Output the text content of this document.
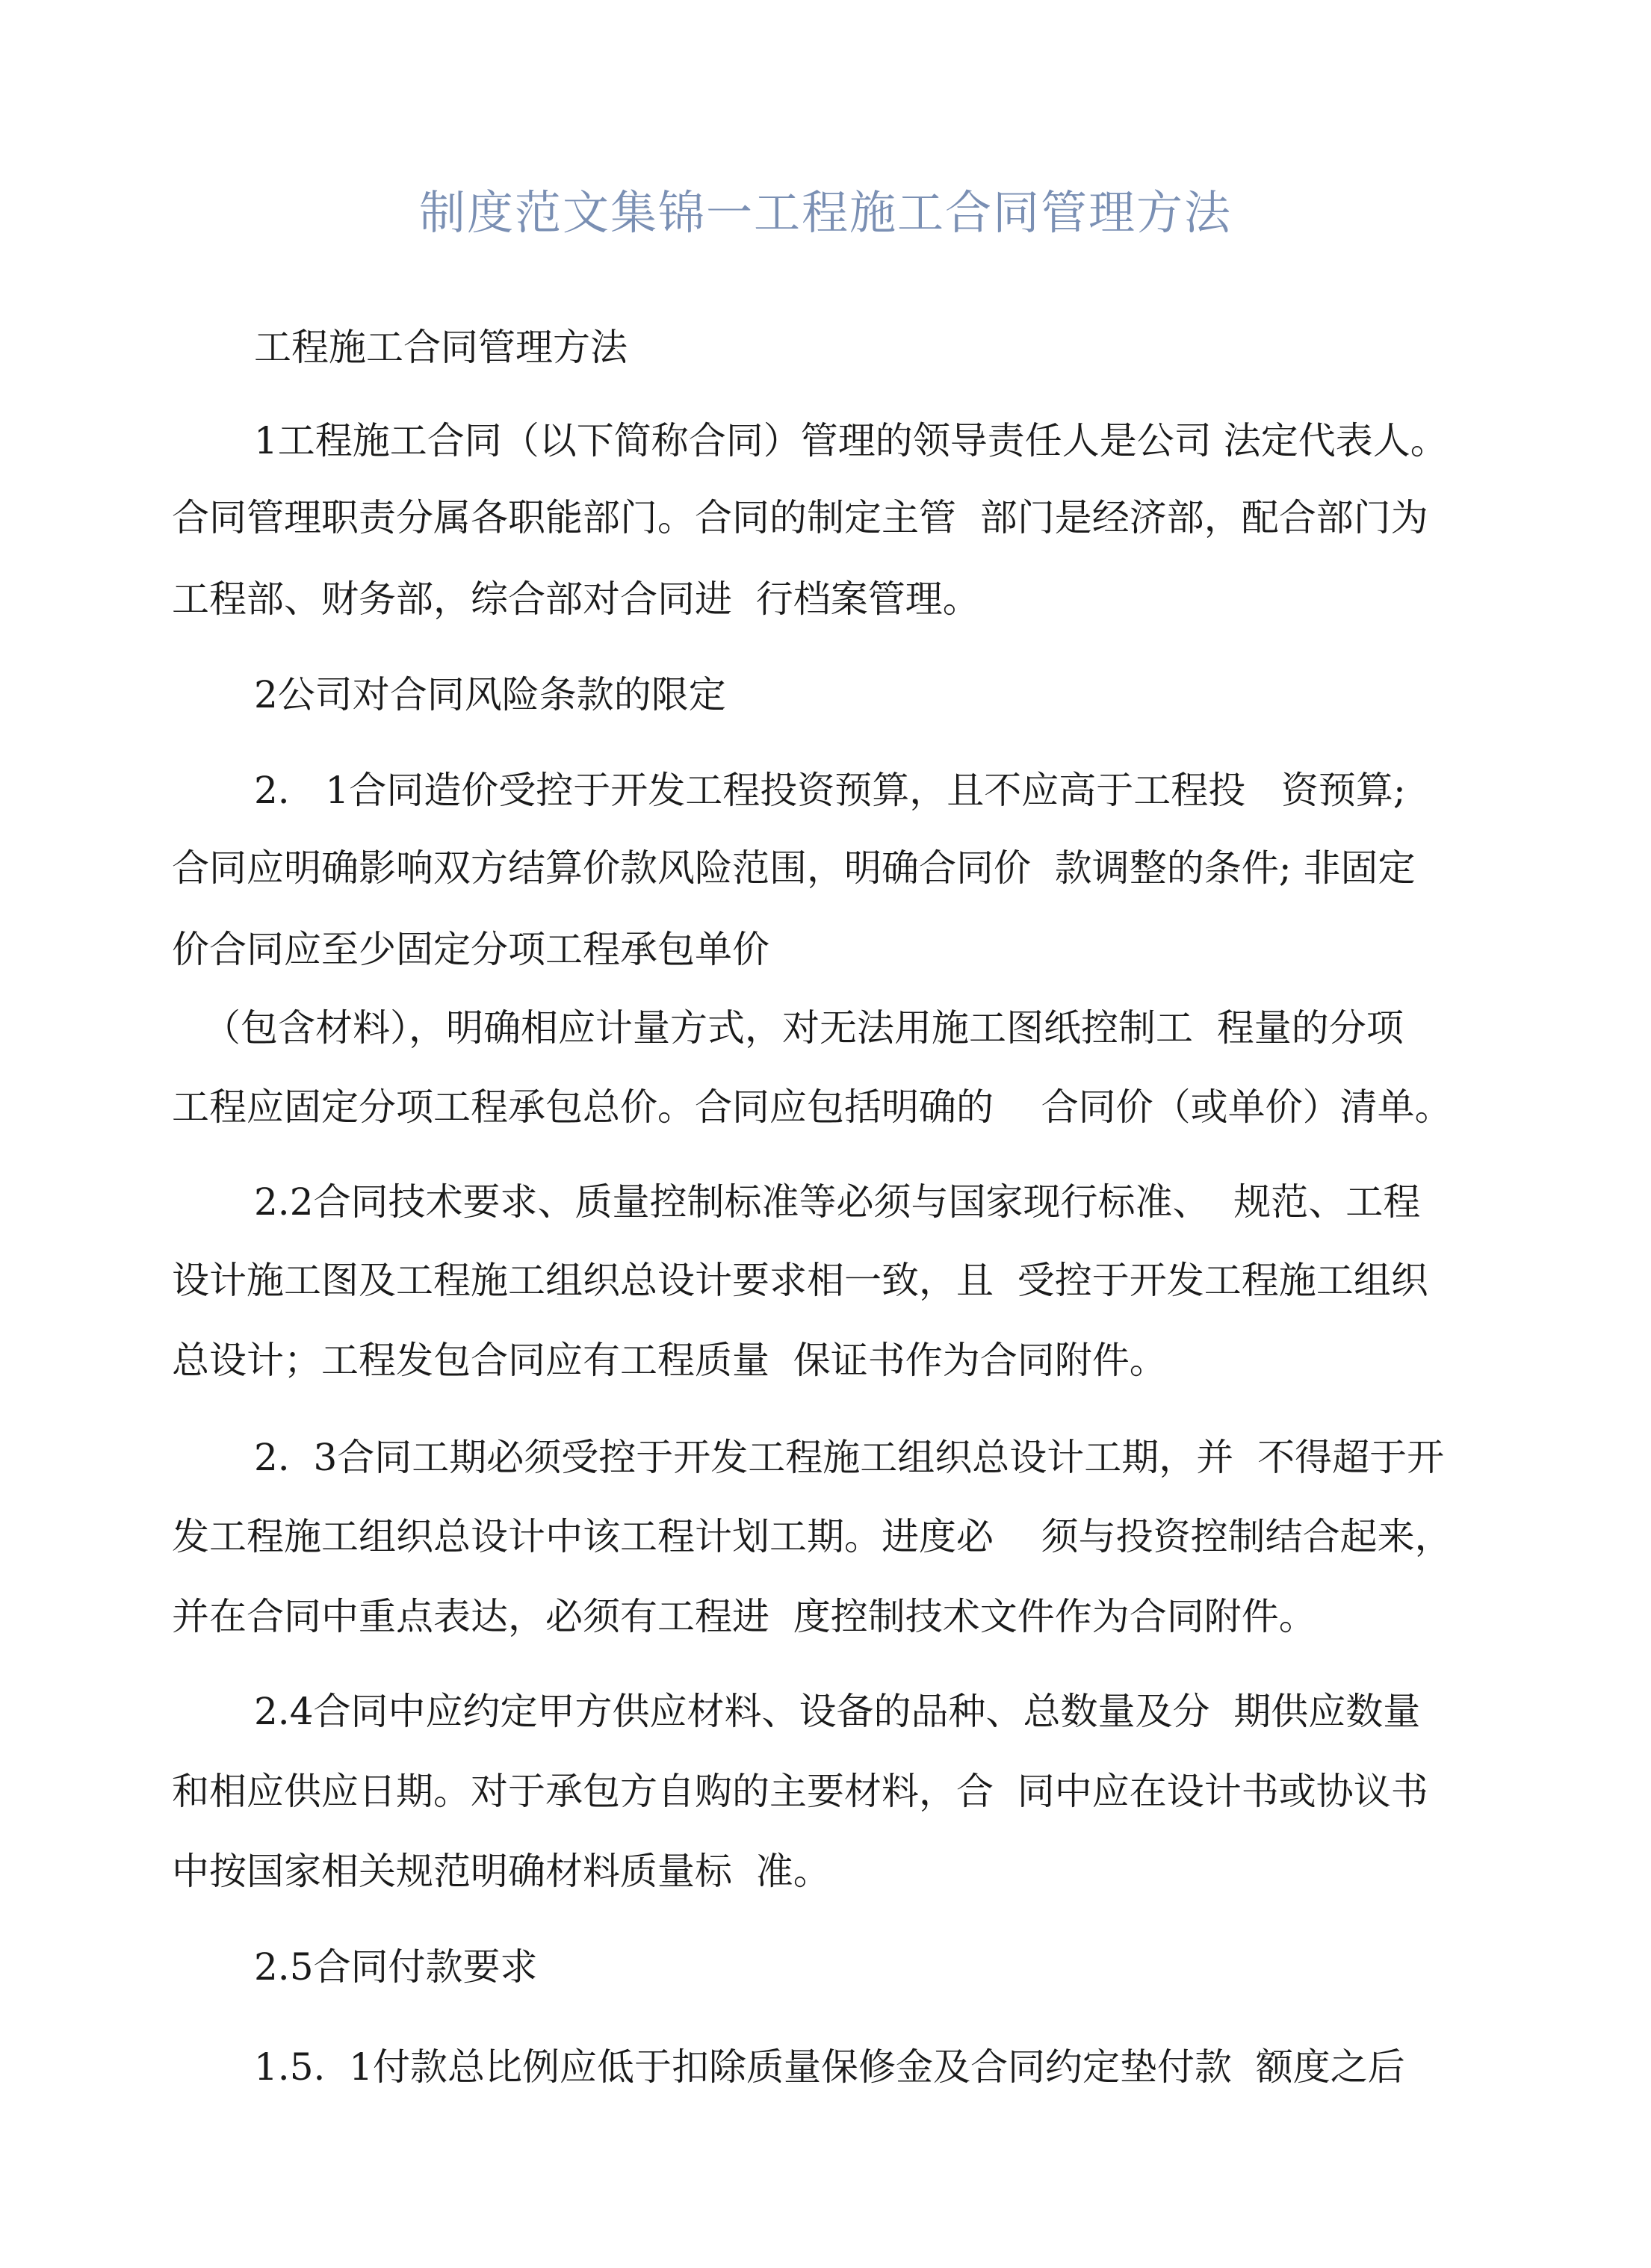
制度范文集锦一工程施工合同管理方法
工程施工合同管理方法
1工程施工合同（以下简称合同）管理的领导责任人是公司 法定代表人。
合同管理职责分属各职能部门。合同的制定主管  部门是经济部，配合部门为
工程部、财务部，综合部对合同进  行档案管理。
2公司对合同风险条款的限定
2.   1合同造价受控于开发工程投资预算，且不应高于工程投   资预算;
合同应明确影响双方结算价款风险范围，明确合同价  款调整的条件; 非固定
价合同应至少固定分项工程承包单价
（包含材料），明确相应计量方式，对无法用施工图纸控制工  程量的分项
工程应固定分项工程承包总价。合同应包括明确的    合同价（或单价）清单。
2.2合同技术要求、质量控制标准等必须与国家现行标准、  规范、工程
设计施工图及工程施工组织总设计要求相一致，且  受控于开发工程施工组织
总设计；工程发包合同应有工程质量  保证书作为合同附件。
2.  3合同工期必须受控于开发工程施工组织总设计工期，并  不得超于开
发工程施工组织总设计中该工程计划工期。进度必    须与投资控制结合起来，
并在合同中重点表达，必须有工程进  度控制技术文件作为合同附件。
2.4合同中应约定甲方供应材料、设备的品种、总数量及分  期供应数量
和相应供应日期。对于承包方自购的主要材料，合  同中应在设计书或协议书
中按国家相关规范明确材料质量标  准。
2.5合同付款要求
1.5.  1付款总比例应低于扣除质量保修金及合同约定垫付款  额度之后
